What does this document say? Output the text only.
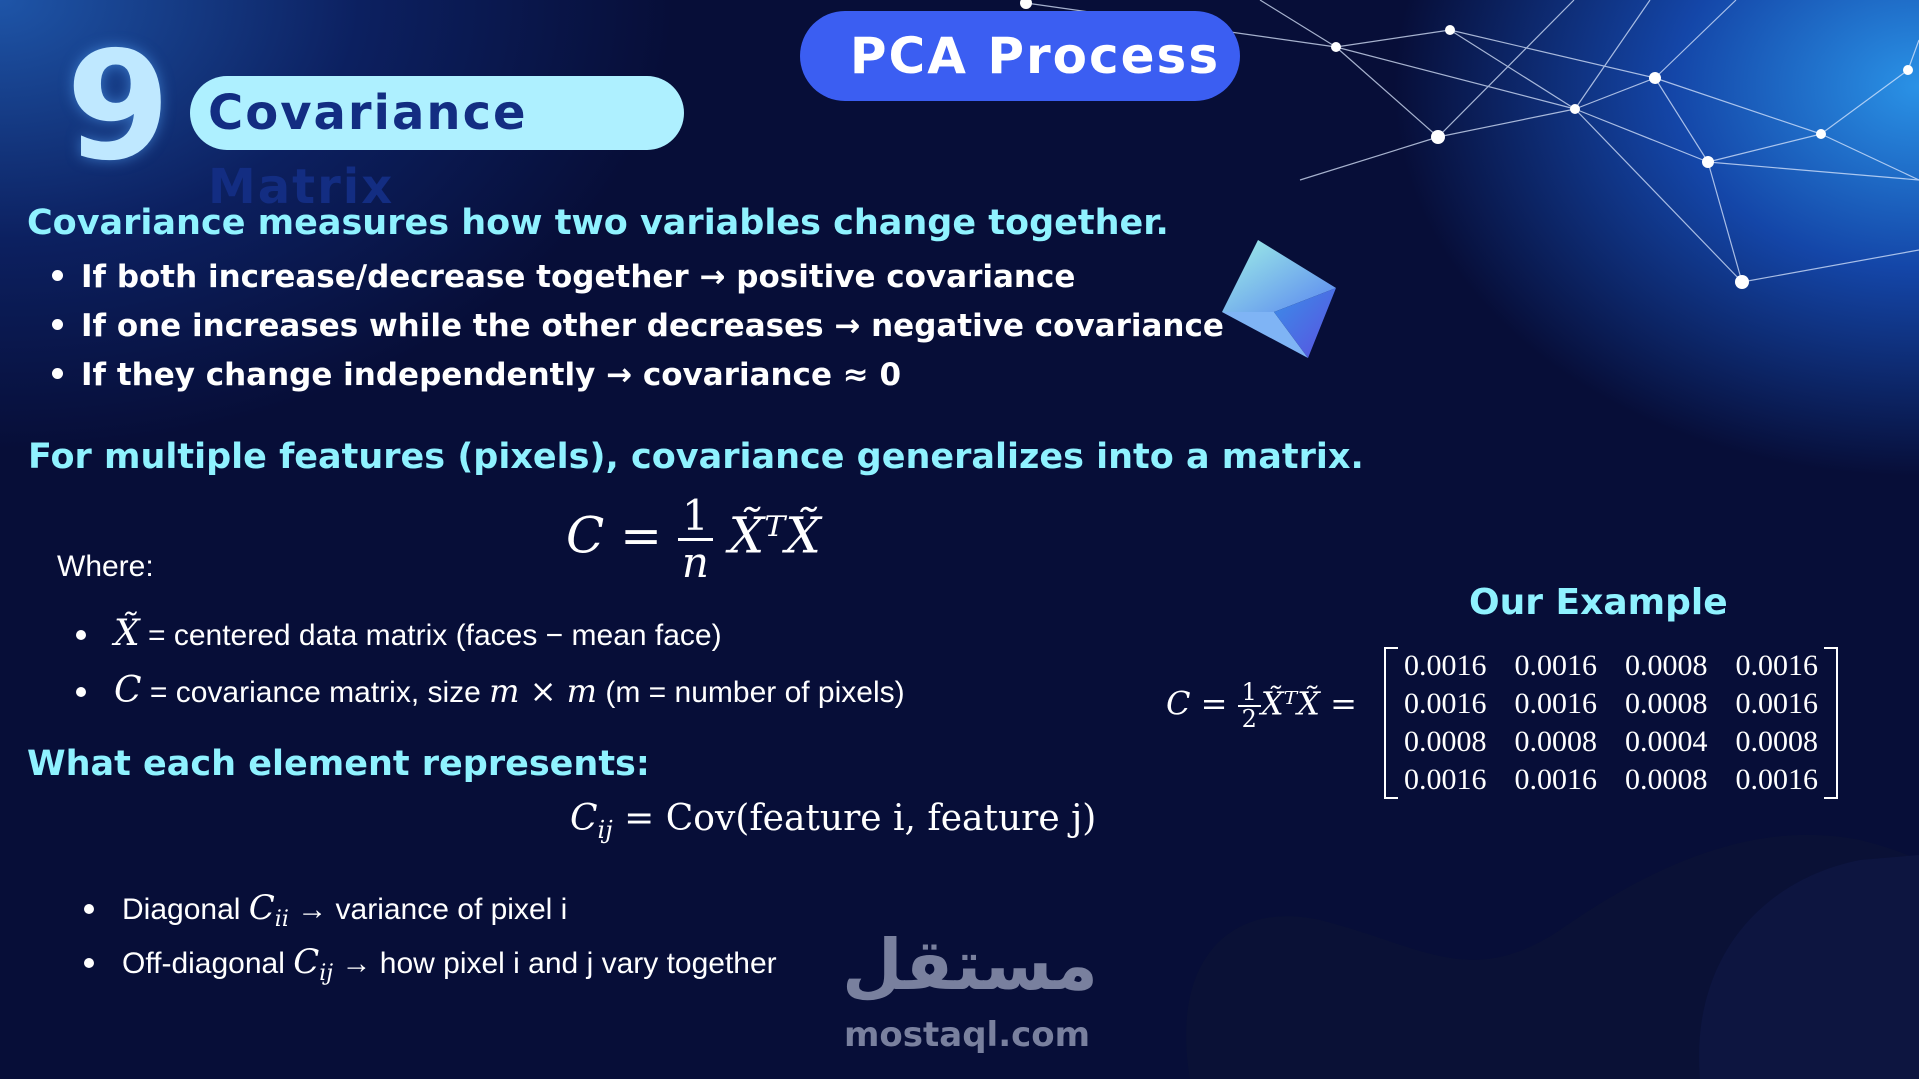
9 Covariance Matrix
PCA Process
Covariance measures how two variables change together.
If both increase/decrease together → positive covariance
If one increases while the other decreases → negative covariance
If they change independently → covariance ≈ 0
For multiple features (pixels), covariance generalizes into a matrix.
Where:
$C = \frac{1}{n}$ X̃ᵀX̃
X̃ = centered data matrix (faces − mean face)
C = covariance matrix, size m × m (m = number of pixels)
What each element represents:
$C_{ij}$ = Cov(feature i, feature j)
Diagonal $C_{ii}$ → variance of pixel i
Off-diagonal $C_{ij}$ → how pixel i and j vary together
Our Example
$C = \frac{1}{2}$ X̃ᵀX̃ =
0.0016	0.0016	0.0008	0.0016
0.0016	0.0016	0.0008	0.0016
0.0008	0.0008	0.0004	0.0008
0.0016	0.0016	0.0008	0.0016
مستقل
mostaql.com
